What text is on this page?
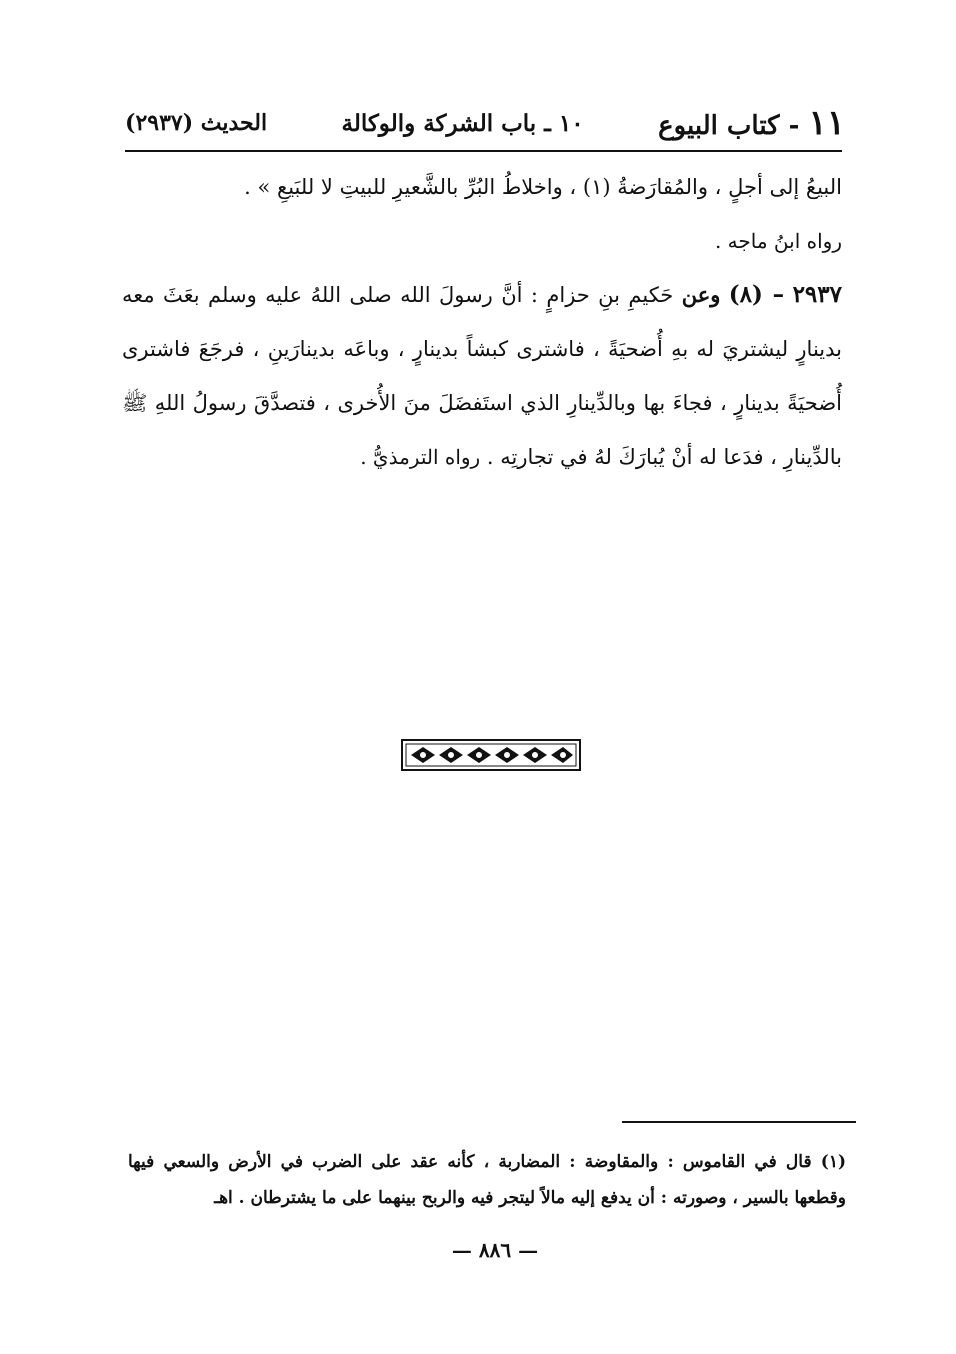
١١ - كتاب البيوع
١٠ ـ باب الشركة والوكالة
الحديث (٢٩٣٧)
البيعُ إلى أجلٍ ، والمُقارَضةُ (١) ، واخلاطُ البُرِّ بالشَّعيرِ للبيتِ لا للبَيعِ » .
رواه ابنُ ماجه .
٢٩٣٧ – (٨) وعن حَكيمِ بنِ حزامٍ : أنَّ رسولَ الله صلى اللهُ عليه وسلم بعَثَ معه بدينارٍ ليشتريَ له بهِ أُضحيَةً ، فاشترى كبشاً بدينارٍ ، وباعَه بدينارَينِ ، فرجَعَ فاشترى أُضحيَةً بدينارٍ ، فجاءَ بها وبالدِّينارِ الذي استَفضَلَ منَ الأُخرى ، فتصدَّقَ رسولُ اللهِ ﷺ بالدِّينارِ ، فدَعا له أنْ يُبارَكَ لهُ في تجارتِه . رواه الترمذيُّ .
(١) قال في القاموس : والمقاوضة : المضاربة ، كأنه عقد على الضرب في الأرض والسعي فيها وقطعها بالسير ، وصورته : أن يدفع إليه مالاً ليتجر فيه والربح بينهما على ما يشترطان . اهـ
— ٨٨٦ —
